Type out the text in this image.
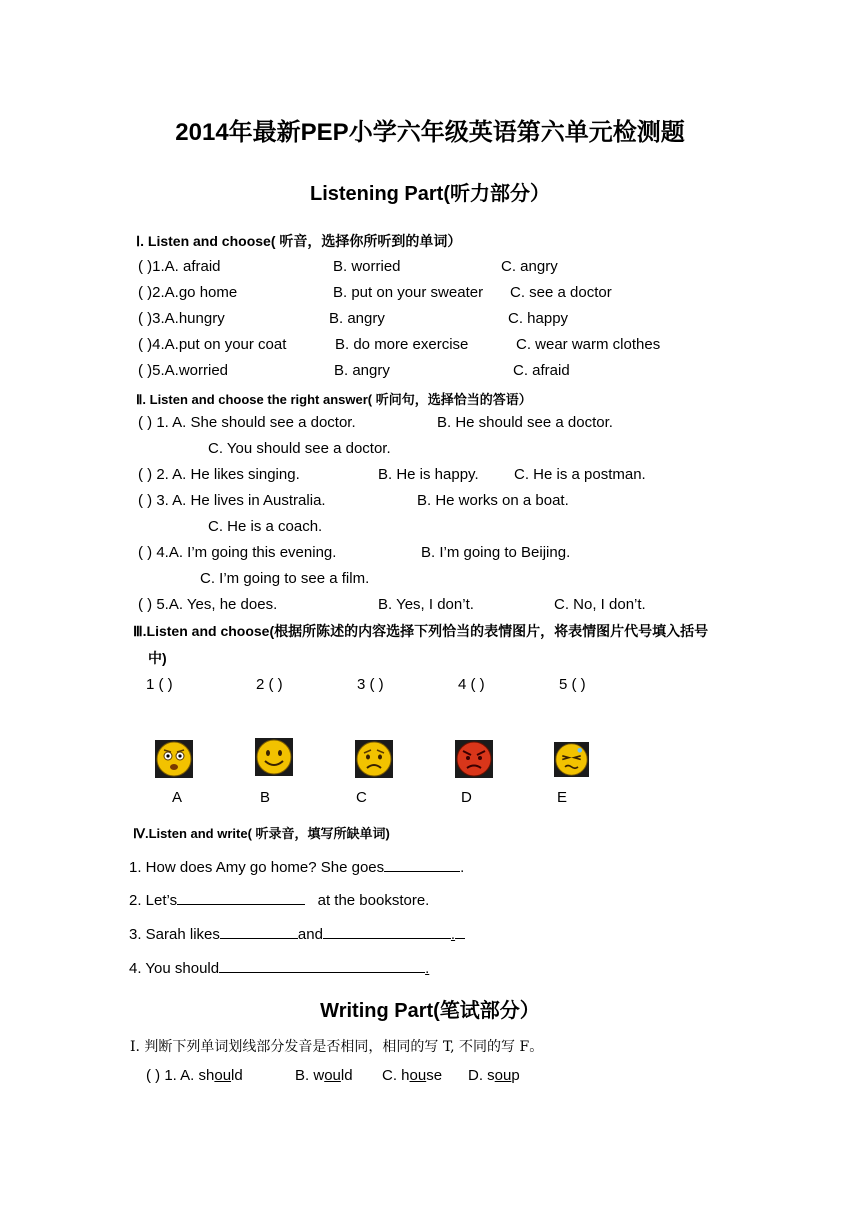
2014年最新PEP小学六年级英语第六单元检测题
Listening Part(听力部分）
Ⅰ. Listen and choose( 听音，选择你所听到的单词）
( )1.A. afraid	B. worried	C. angry
( )2.A.go home	B. put on your sweater C. see a doctor
( )3.A.hungry	B. angry	C. happy
( )4.A.put on your coat	B. do more exercise	C. wear warm clothes
( )5.A.worried	B. angry	C. afraid
Ⅱ. Listen and choose the right answer( 听问句，选择恰当的答语）
( ) 1. A. She should see a doctor.	B. He should see a doctor.
C. You should see a doctor.
( ) 2. A. He likes singing.	B. He is happy. C. He is a postman.
( ) 3. A. He lives in Australia.	B. He works on a boat.
C. He is a coach.
( ) 4.A. I’m going this evening.	B. I’m going to Beijing.
C. I’m going to see a film.
( ) 5.A. Yes, he does.	B. Yes, I don’t.	C. No, I don’t.
Ⅲ.Listen and choose(根据所陈述的内容选择下列恰当的表情图片，将表情图片代号填入括号
中)
1 ( )	2 ( )	3 ( )	4 ( )	5 ( )
A	B	C	D	E
Ⅳ.Listen and write( 听录音，填写所缺单词)
1. How does Amy go home? She goes	.
2. Let’s	at the bookstore.
3. Sarah likes	and	.
4. You should	.
Writing Part(笔试部分）
Ⅰ. 判断下列单词划线部分发音是否相同，相同的写 T, 不同的写 F。
( ) 1. A. should	B. would C. house D. soup
